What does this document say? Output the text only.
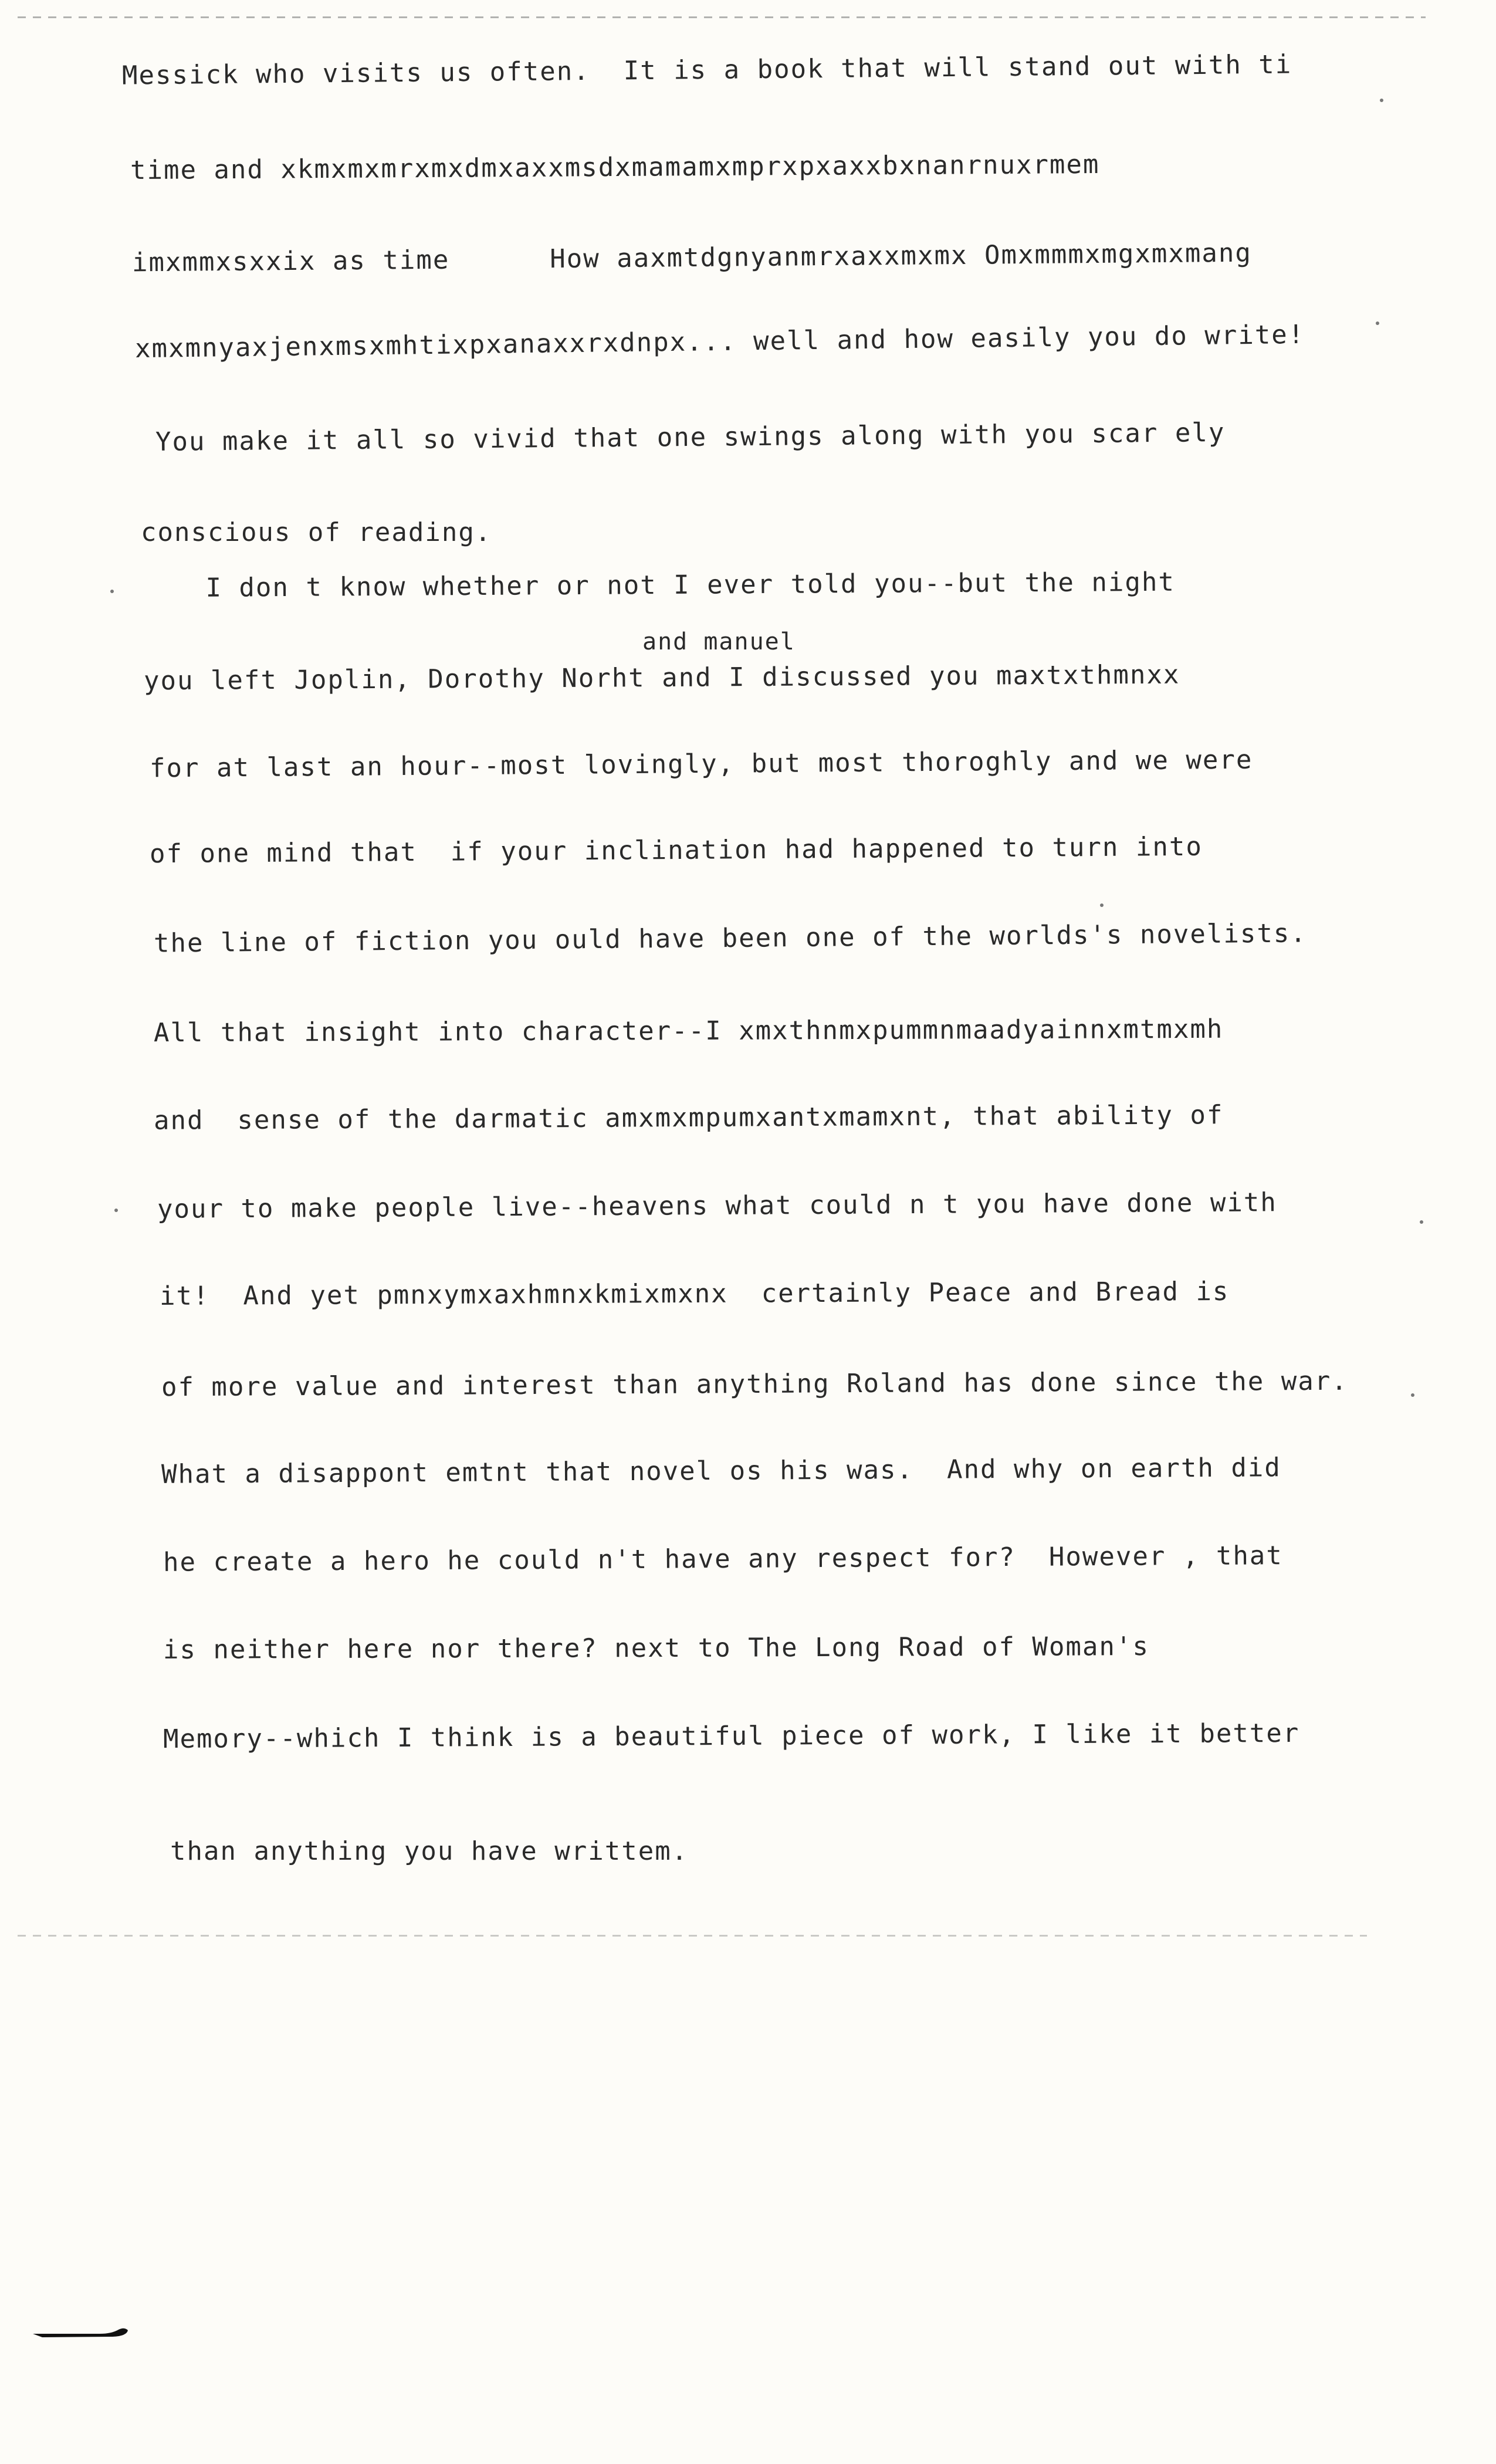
Messick who visits us often.  It is a book that will stand out with ti

time and xkmxmxmrxmxdmxaxxmsdxmamamxmprxpxaxxbxnanrnuxrmem

imxmmxsxxix as time      How aaxmtdgnyanmrxaxxmxmx Omxmmmxmgxmxmang

xmxmnyaxjenxmsxmhtixpxanaxxrxdnpx... well and how easily you do write!

You make it all so vivid that one swings along with you scar ely

conscious of reading.

I don t know whether or not I ever told you--but the night

and manuel

you left Joplin, Dorothy Norht and I discussed you maxtxthmnxx

for at last an hour--most lovingly, but most thoroghly and we were

of one mind that  if your inclination had happened to turn into

the line of fiction you ould have been one of the worlds's novelists.

All that insight into character--I xmxthnmxpummnmaadyainnxmtmxmh

and  sense of the darmatic amxmxmpumxantxmamxnt, that ability of

your to make people live--heavens what could n t you have done with

it!  And yet pmnxymxaxhmnxkmixmxnx  certainly Peace and Bread is

of more value and interest than anything Roland has done since the war.

What a disappont emtnt that novel os his was.  And why on earth did

he create a hero he could n't have any respect for?  However , that

is neither here nor there? next to The Long Road of Woman's

Memory--which I think is a beautiful piece of work, I like it better

than anything you have writtem.
